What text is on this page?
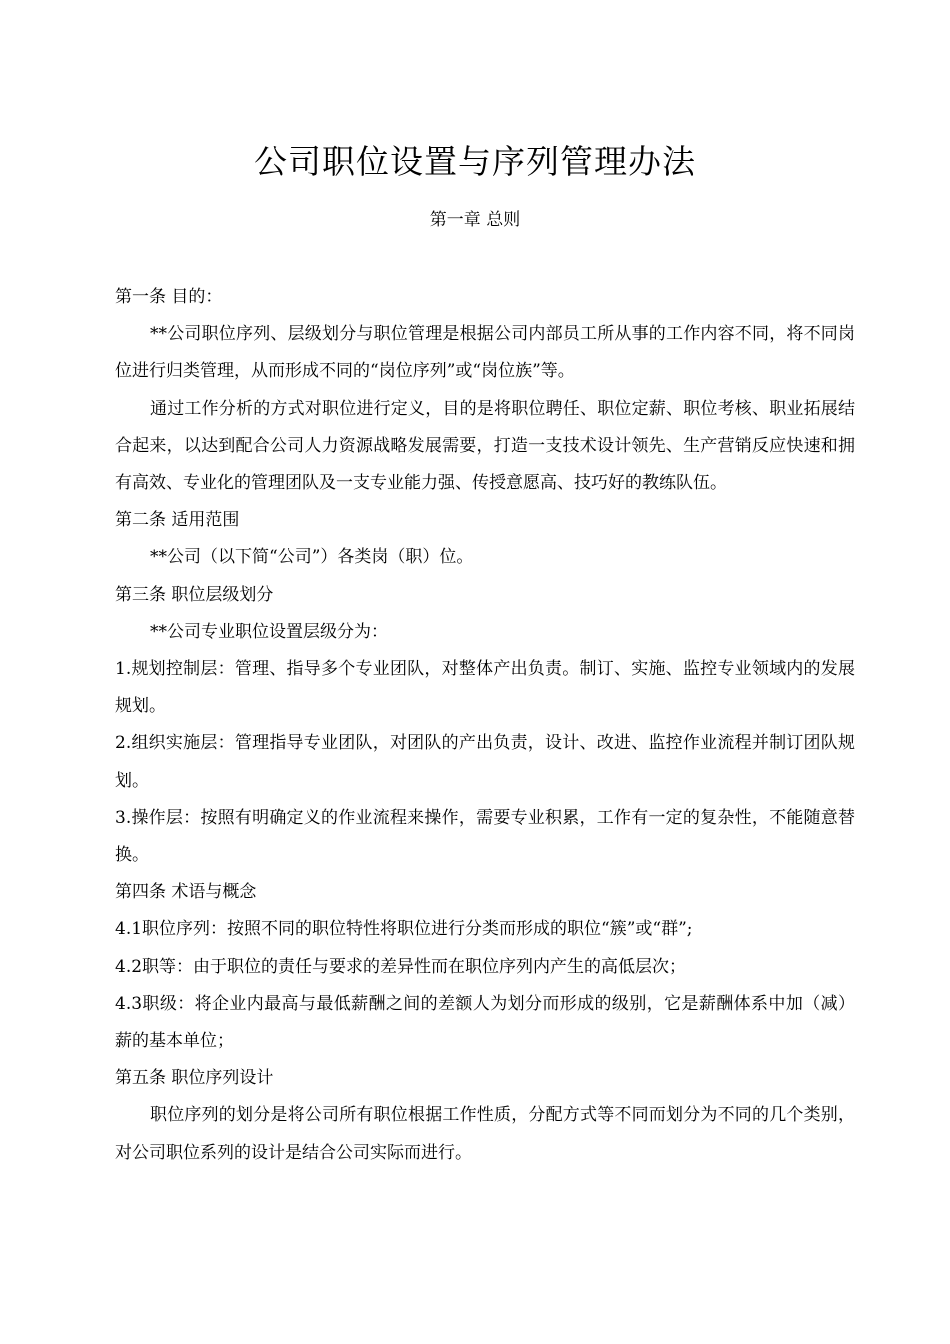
公司职位设置与序列管理办法

第一章 总则

第一条 目的：

**公司职位序列、层级划分与职位管理是根据公司内部员工所从事的工作内容不同，将不同岗位进行归类管理，从而形成不同的“岗位序列”或“岗位族”等。

通过工作分析的方式对职位进行定义，目的是将职位聘任、职位定薪、职位考核、职业拓展结合起来，以达到配合公司人力资源战略发展需要，打造一支技术设计领先、生产营销反应快速和拥有高效、专业化的管理团队及一支专业能力强、传授意愿高、技巧好的教练队伍。

第二条 适用范围

**公司（以下简“公司”）各类岗（职）位。

第三条 职位层级划分

**公司专业职位设置层级分为：

1.规划控制层：管理、指导多个专业团队，对整体产出负责。制订、实施、监控专业领域内的发展规划。

2.组织实施层：管理指导专业团队，对团队的产出负责，设计、改进、监控作业流程并制订团队规划。

3.操作层：按照有明确定义的作业流程来操作，需要专业积累，工作有一定的复杂性，不能随意替换。

第四条 术语与概念

4.1职位序列：按照不同的职位特性将职位进行分类而形成的职位“簇”或“群”;

4.2职等：由于职位的责任与要求的差异性而在职位序列内产生的高低层次；

4.3职级：将企业内最高与最低薪酬之间的差额人为划分而形成的级别，它是薪酬体系中加（减）薪的基本单位；

第五条 职位序列设计

职位序列的划分是将公司所有职位根据工作性质，分配方式等不同而划分为不同的几个类别，对公司职位系列的设计是结合公司实际而进行。
